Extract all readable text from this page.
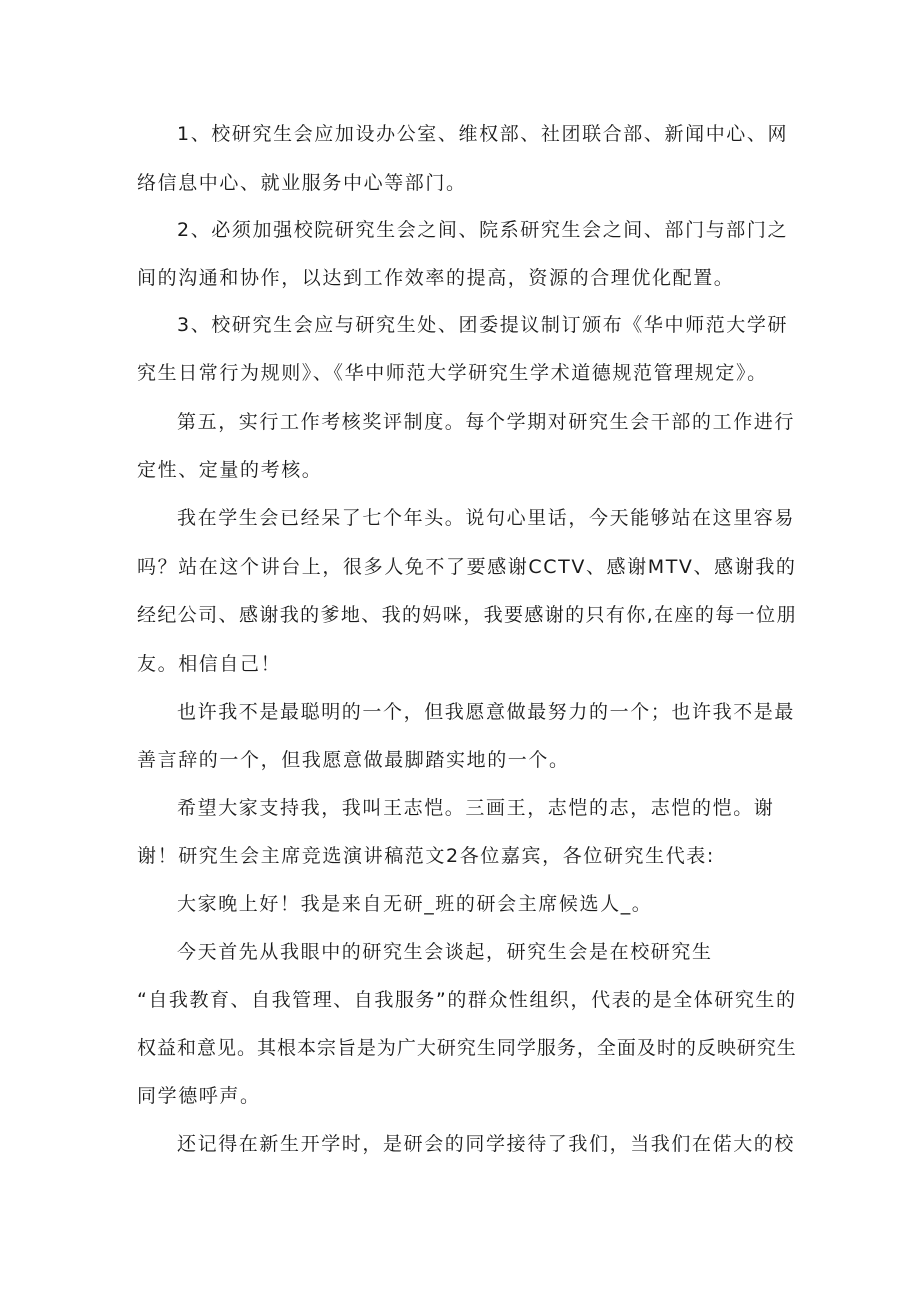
1、校研究生会应加设办公室、维权部、社团联合部、新闻中心、网
络信息中心、就业服务中心等部门。
2、必须加强校院研究生会之间、院系研究生会之间、部门与部门之
间的沟通和协作，以达到工作效率的提高，资源的合理优化配置。
3、校研究生会应与研究生处、团委提议制订颁布《华中师范大学研
究生日常行为规则》、《华中师范大学研究生学术道德规范管理规定》。
第五，实行工作考核奖评制度。每个学期对研究生会干部的工作进行
定性、定量的考核。
我在学生会已经呆了七个年头。说句心里话，今天能够站在这里容易
吗？站在这个讲台上，很多人免不了要感谢CCTV、感谢MTV、感谢我的
经纪公司、感谢我的爹地、我的妈咪，我要感谢的只有你,在座的每一位朋
友。相信自己！
也许我不是最聪明的一个，但我愿意做最努力的一个；也许我不是最
善言辞的一个，但我愿意做最脚踏实地的一个。
希望大家支持我，我叫王志恺。三画王，志恺的志，志恺的恺。谢
谢！研究生会主席竞选演讲稿范文2各位嘉宾，各位研究生代表:
大家晚上好！我是来自无研_班的研会主席候选人_。
今天首先从我眼中的研究生会谈起，研究生会是在校研究生
“自我教育、自我管理、自我服务”的群众性组织，代表的是全体研究生的
权益和意见。其根本宗旨是为广大研究生同学服务，全面及时的反映研究生
同学德呼声。
还记得在新生开学时，是研会的同学接待了我们，当我们在偌大的校
